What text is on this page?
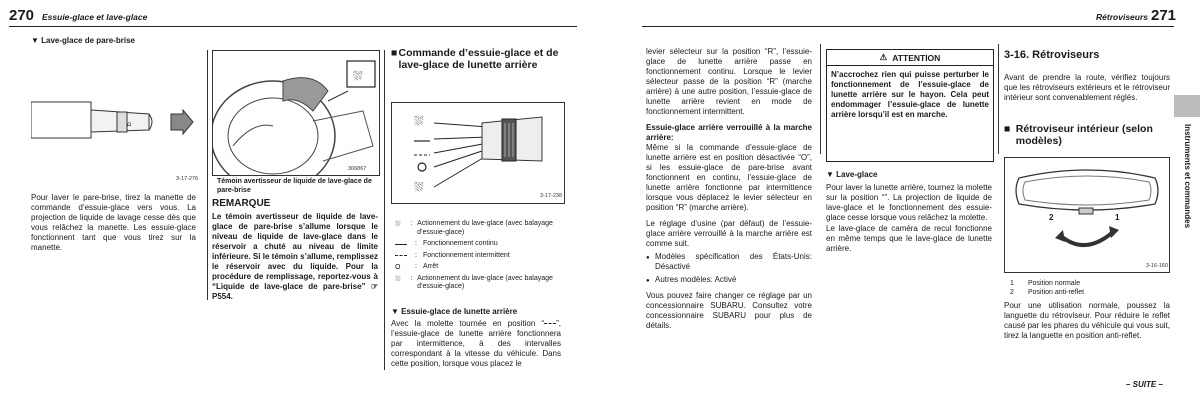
270 Essuie-glace et lave-glace	Rétroviseurs 271
▼ Lave-glace de pare-brise
⌂
3-17-276
Pour laver le pare-brise, tirez la manette de commande d’essuie-glace vers vous. La projection de liquide de lavage cesse dès que vous relâchez la manette. Les essuie-glace fonctionnent tant que vous tirez sur la manette.
⛆
306867
Témoin avertisseur de liquide de lave-glace de pare-brise
REMARQUE
Le témoin avertisseur de liquide de lave-glace de pare-brise s’allume lorsque le niveau de liquide de lave-glace dans le réservoir a chuté au niveau de limite inférieure. Si le témoin s’allume, remplissez le réservoir avec du liquide. Pour la procédure de remplissage, reportez-vous à “Liquide de lave-glace de pare-brise” ☞P554.
■ Commande d’essuie-glace et de lave-glace de lunette arrière
⛆
⛆
3-17-238
⛆	: Actionnement du lave-glace (avec balayage d’essuie-glace)
: Fonctionnement continu
: Fonctionnement intermittent
O	: Arrêt
⛆	: Actionnement du lave-glace (avec balayage d’essuie-glace)
▼ Essuie-glace de lunette arrière
Avec la molette tournée en position “ ”, l’essuie-glace de lunette arrière fonctionnera par intermittence, à des intervalles correspondant à la vitesse du véhicule. Dans cette position, lorsque vous placez le
levier sélecteur sur la position “R”, l’essuie-glace de lunette arrière passe en fonctionnement continu. Lorsque le levier sélecteur passe de la position “R” (marche arrière) à une autre position, l’essuie-glace de lunette arrière revient en mode de fonctionnement intermittent.
Essuie-glace arrière verrouillé à la marche arrière:
Même si la commande d’essuie-glace de lunette arrière est en position désactivée “O”, si les essuie-glace de pare-brise avant fonctionnent en continu, l’essuie-glace de lunette arrière fonctionne par intermittence lorsque vous déplacez le levier sélecteur en position “R” (marche arrière).
Le réglage d’usine (par défaut) de l’essuie-glace arrière verrouillé à la marche arrière est comme suit.
● Modèles spécification des États-Unis: Désactivé
● Autres modèles: Activé
Vous pouvez faire changer ce réglage par un concessionnaire SUBARU. Consultez votre concessionnaire SUBARU pour plus de détails.
⚠ ATTENTION
N’accrochez rien qui puisse perturber le fonctionnement de l’essuie-glace de lunette arrière sur le hayon. Cela peut endommager l’essuie-glace de lunette arrière lorsqu’il est en marche.
▼ Lave-glace
Pour laver la lunette arrière, tournez la molette sur la position “”. La projection de liquide de lave-glace et le fonctionnement des essuie-glace cesse lorsque vous relâchez la molette.
Le lave-glace de caméra de recul fonctionne en même temps que le lave-glace de lunette arrière.
3-16. Rétroviseurs
Avant de prendre la route, vérifiez toujours que les rétroviseurs extérieurs et le rétroviseur intérieur sont convenablement réglés.
■ Rétroviseur intérieur (selon modèles)
2	1
3-16-160
1	Position normale
2	Position anti-reflet
Pour une utilisation normale, poussez la languette du rétroviseur. Pour réduire le reflet causé par les phares du véhicule qui vous suit, tirez la languette en position anti-reflet.
– SUITE –
Instruments et commandes
